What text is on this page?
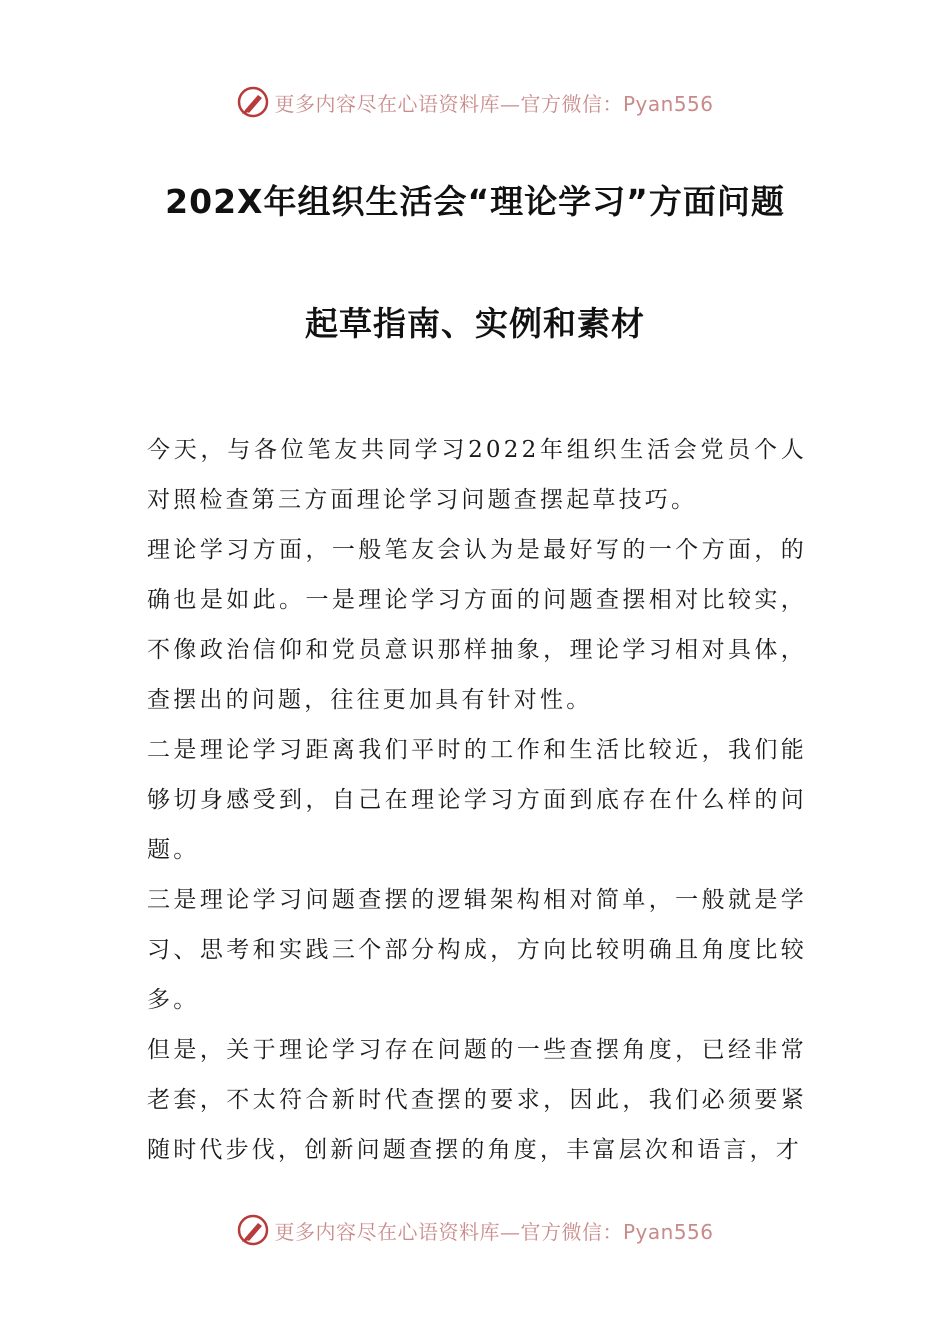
更多内容尽在心语资料库—官方微信：Pyan556
202X年组织生活会“理论学习”方面问题
起草指南、实例和素材

今天，与各位笔友共同学习2022年组织生活会党员个人对照检查第三方面理论学习问题查摆起草技巧。

理论学习方面，一般笔友会认为是最好写的一个方面，的确也是如此。一是理论学习方面的问题查摆相对比较实，不像政治信仰和党员意识那样抽象，理论学习相对具体，查摆出的问题，往往更加具有针对性。

二是理论学习距离我们平时的工作和生活比较近，我们能够切身感受到，自己在理论学习方面到底存在什么样的问题。

三是理论学习问题查摆的逻辑架构相对简单，一般就是学习、思考和实践三个部分构成，方向比较明确且角度比较多。

但是，关于理论学习存在问题的一些查摆角度，已经非常老套，不太符合新时代查摆的要求，因此，我们必须要紧随时代步伐，创新问题查摆的角度，丰富层次和语言，才

更多内容尽在心语资料库—官方微信：Pyan556
